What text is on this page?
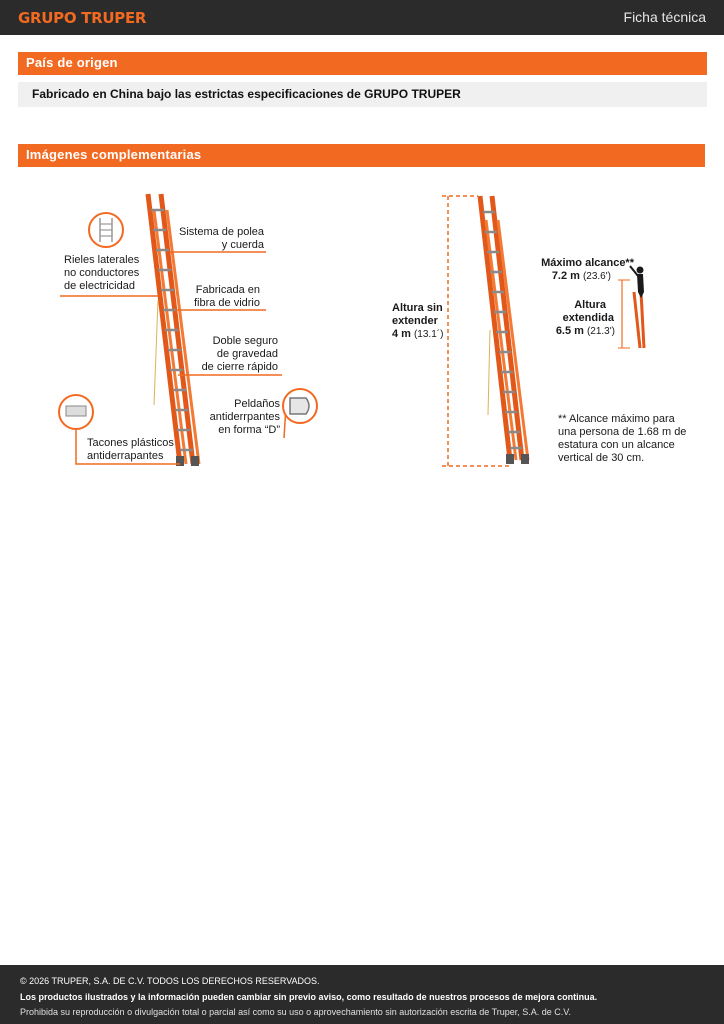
GRUPO TRUPER	Ficha técnica
País de origen
Fabricado en China bajo las estrictas especificaciones de GRUPO TRUPER
Imágenes complementarias
Rieles laterales no conductores de electricidad
Sistema de polea y cuerda
Fabricada en fibra de vidrio
Doble seguro de gravedad de cierre rápido
Peldaños antiderrpantes en forma “D”
Tacones plásticos antiderrapantes
Altura sin extender
4 m (13.1´)
Máximo alcance**
7.2 m (23.6')
Altura extendida
6.5 m (21.3')
** Alcance máximo para una persona de 1.68 m de estatura con un alcance vertical de 30 cm.
© 2026 TRUPER, S.A. DE C.V. TODOS LOS DERECHOS RESERVADOS.
Los productos ilustrados y la información pueden cambiar sin previo aviso, como resultado de nuestros procesos de mejora continua.
Prohibida su reproducción o divulgación total o parcial así como su uso o aprovechamiento sin autorización escrita de Truper, S.A. de C.V.
